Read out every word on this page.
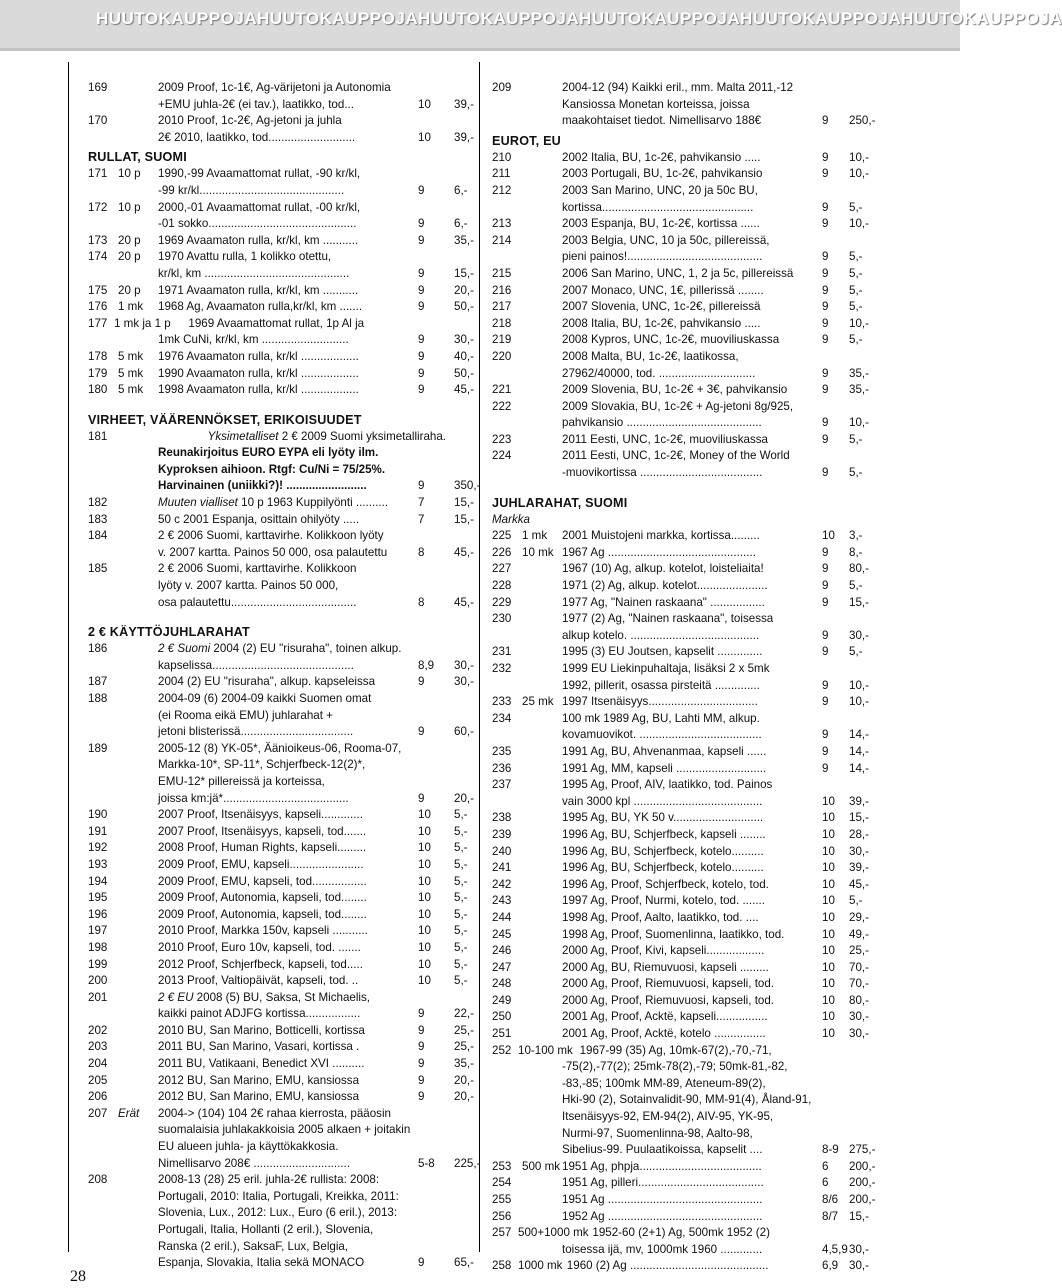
HUUTOKAUPPOJA HUUTOKAUPPOJA HUUTOKAUPPOJA HUUTOKAUPPOJA HUUTOKAUPPOJA HUUTOKAUPPOJA
169	2009 Proof, 1c-1€, Ag-värijetoni ja Autonomia
+EMU juhla-2€ (ei tav.), laatikko, tod...	10 39,-
170	2010 Proof, 1c-2€, Ag-jetoni ja juhla
2€ 2010, laatikko, tod...........................	10 39,-
RULLAT, SUOMI
171 10 p 1990,-99 Avaamattomat rullat, -90 kr/kl,
-99 kr/kl.............................................	9	6,-
172 10 p 2000,-01 Avaamattomat rullat, -00 kr/kl,
-01 sokko..............................................	9	6,-
173 20 p 1969 Avaamaton rulla, kr/kl, km ...........	9	35,-
174 20 p 1970 Avattu rulla, 1 kolikko otettu,
kr/kl, km .............................................	9	15,-
175 20 p 1971 Avaamaton rulla, kr/kl, km ...........	9	20,-
176 1 mk 1968 Ag, Avaamaton rulla,kr/kl, km .......	9	50,-
177 1 mk ja 1 p 1969 Avaamattomat rullat, 1p Al ja
1mk CuNi, kr/kl, km ...........................	9	30,-
178 5 mk 1976 Avaamaton rulla, kr/kl ..................	9	40,-
179 5 mk 1990 Avaamaton rulla, kr/kl ..................	9	50,-
180 5 mk 1998 Avaamaton rulla, kr/kl ..................	9	45,-
VIRHEET, VÄÄRENNÖKSET, ERIKOISUUDET
181	Yksimetalliset 2 € 2009 Suomi yksimetalliraha.
Reunakirjoitus EURO EYPA eli lyöty ilm.
Kyproksen aihioon. Rtgf: Cu/Ni = 75/25%.
Harvinainen (uniikki?)! .........................	9	350,-
182	Muuten vialliset 10 p 1963 Kuppilyönti ..........	7	15,-
183	50 c 2001 Espanja, osittain ohilyöty .....	7	15,-
184	2 € 2006 Suomi, karttavirhe. Kolikkoon lyöty
v. 2007 kartta. Painos 50 000, osa palautettu	8	45,-
185	2 € 2006 Suomi, karttavirhe. Kolikkoon
lyöty v. 2007 kartta. Painos 50 000,
osa palautettu.......................................	8	45,-
2 € KÄYTTÖJUHLARAHAT
186	2 € Suomi 2004 (2) EU "risuraha", toinen alkup.
kapselissa............................................	8,9 30,-
187	2004 (2) EU "risuraha", alkup. kapseleissa	9	30,-
188	2004-09 (6) 2004-09 kaikki Suomen omat
(ei Rooma eikä EMU) juhlarahat +
jetoni blisterissä...................................	9	60,-
189	2005-12 (8) YK-05*, Äänioikeus-06, Rooma-07,
Markka-10*, SP-11*, Schjerfbeck-12(2)*,
EMU-12* pillereissä ja korteissa,
joissa km:jä*.......................................	9	20,-
190	2007 Proof, Itsenäisyys, kapseli.............	10 5,-
191	2007 Proof, Itsenäisyys, kapseli, tod.......	10 5,-
192	2008 Proof, Human Rights, kapseli.........	10 5,-
193	2009 Proof, EMU, kapseli.......................	10 5,-
194	2009 Proof, EMU, kapseli, tod.................	10 5,-
195	2009 Proof, Autonomia, kapseli, tod........	10 5,-
196	2009 Proof, Autonomia, kapseli, tod........	10 5,-
197	2010 Proof, Markka 150v, kapseli ...........	10 5,-
198	2010 Proof, Euro 10v, kapseli, tod. .......	10 5,-
199	2012 Proof, Schjerfbeck, kapseli, tod.....	10 5,-
200	2013 Proof, Valtiopäivät, kapseli, tod. ..	10 5,-
201	2 € EU 2008 (5) BU, Saksa, St Michaelis,
kaikki painot ADJFG kortissa.................	9	22,-
202	2010 BU, San Marino, Botticelli, kortissa	9	25,-
203	2011 BU, San Marino, Vasari, kortissa .	9	25,-
204	2011 BU, Vatikaani, Benedict XVI ..........	9	35,-
205	2012 BU, San Marino, EMU, kansiossa	9	20,-
206	2012 BU, San Marino, EMU, kansiossa	9	20,-
207 Erät 2004-> (104) 104 2€ rahaa kierrosta, pääosin
suomalaisia juhlakakkoisia 2005 alkaen + joitakin
EU alueen juhla- ja käyttökakkosia.
Nimellisarvo 208€ ..............................	5-8 225,-
208	2008-13 (28) 25 eril. juhla-2€ rullista: 2008:
Portugali, 2010: Italia, Portugali, Kreikka, 2011:
Slovenia, Lux., 2012: Lux., Euro (6 eril.), 2013:
Portugali, Italia, Hollanti (2 eril.), Slovenia,
Ranska (2 eril.), SaksaF, Lux, Belgia,
Espanja, Slovakia, Italia sekä MONACO	9	65,-
209	2004-12 (94) Kaikki eril., mm. Malta 2011,-12
Kansiossa Monetan korteissa, joissa
maakohtaiset tiedot. Nimellisarvo 188€	9 250,-
EUROT, EU
210	2002 Italia, BU, 1c-2€, pahvikansio .....	9 10,-
211	2003 Portugali, BU, 1c-2€, pahvikansio	9 10,-
212	2003 San Marino, UNC, 20 ja 50c BU,
kortissa...............................................	9 5,-
213	2003 Espanja, BU, 1c-2€, kortissa ......	9 10,-
214	2003 Belgia, UNC, 10 ja 50c, pillereissä,
pieni painos!..........................................	9 5,-
215	2006 San Marino, UNC, 1, 2 ja 5c, pillereissä 9 5,-
216	2007 Monaco, UNC, 1€, pillerissä ........	9 5,-
217	2007 Slovenia, UNC, 1c-2€, pillereissä	9 5,-
218	2008 Italia, BU, 1c-2€, pahvikansio .....	9 10,-
219	2008 Kypros, UNC, 1c-2€, muoviliuskassa	9 5,-
220	2008 Malta, BU, 1c-2€, laatikossa,
27962/40000, tod. ..............................	9 35,-
221	2009 Slovenia, BU, 1c-2€ + 3€, pahvikansio	9 35,-
222	2009 Slovakia, BU, 1c-2€ + Ag-jetoni 8g/925,
pahvikansio ..........................................	9 10,-
223	2011 Eesti, UNC, 1c-2€, muoviliuskassa	9 5,-
224	2011 Eesti, UNC, 1c-2€, Money of the World
-muovikortissa ......................................	9 5,-
JUHLARAHAT, SUOMI
Markka
225 1 mk 2001 Muistojeni markka, kortissa.........	10 3,-
226 10 mk 1967 Ag ..............................................	9 8,-
227	1967 (10) Ag, alkup. kotelot, loisteliaita!	9 80,-
228	1971 (2) Ag, alkup. kotelot......................	9 5,-
229	1977 Ag, "Nainen raskaana" .................	9 15,-
230	1977 (2) Ag, "Nainen raskaana", toisessa
alkup kotelo. ........................................	9 30,-
231	1995 (3) EU Joutsen, kapselit ..............	9 5,-
232	1999 EU Liekinpuhaltaja, lisäksi 2 x 5mk
1992, pillerit, osassa pirsteitä ..............	9 10,-
233 25 mk 1997 Itsenäisyys..................................	9 10,-
234	100 mk 1989 Ag, BU, Lahti MM, alkup.
kovamuovikot. ......................................	9 14,-
235	1991 Ag, BU, Ahvenanmaa, kapseli ......	9 14,-
236	1991 Ag, MM, kapseli ............................	9 14,-
237	1995 Ag, Proof, AIV, laatikko, tod. Painos
vain 3000 kpl ........................................	10 39,-
238	1995 Ag, BU, YK 50 v............................	10 15,-
239	1996 Ag, BU, Schjerfbeck, kapseli ........	10 28,-
240	1996 Ag, BU, Schjerfbeck, kotelo..........	10 30,-
241	1996 Ag, BU, Schjerfbeck, kotelo..........	10 39,-
242	1996 Ag, Proof, Schjerfbeck, kotelo, tod.	10 45,-
243	1997 Ag, Proof, Nurmi, kotelo, tod. .......	10 5,-
244	1998 Ag, Proof, Aalto, laatikko, tod. ....	10 29,-
245	1998 Ag, Proof, Suomenlinna, laatikko, tod.	10 49,-
246	2000 Ag, Proof, Kivi, kapseli..................	10 25,-
247	2000 Ag, BU, Riemuvuosi, kapseli .........	10 70,-
248	2000 Ag, Proof, Riemuvuosi, kapseli, tod.	10 70,-
249	2000 Ag, Proof, Riemuvuosi, kapseli, tod.	10 80,-
250	2001 Ag, Proof, Acktë, kapseli................	10 30,-
251	2001 Ag, Proof, Acktë, kotelo ................	10 30,-
252 10-100 mk 1967-99 (35) Ag, 10mk-67(2),-70,-71,
-75(2),-77(2); 25mk-78(2),-79; 50mk-81,-82,
-83,-85; 100mk MM-89, Ateneum-89(2),
Hki-90 (2), Sotainvalidit-90, MM-91(4), Åland-91,
Itsenäisyys-92, EM-94(2), AIV-95, YK-95,
Nurmi-97, Suomenlinna-98, Aalto-98,
Sibelius-99. Puulaatikoissa, kapselit ....	8-9 275,-
253 500 mk 1951 Ag, phpja......................................	6 200,-
254	1951 Ag, pilleri.......................................	6 200,-
255	1951 Ag ................................................	8/6 200,-
256	1952 Ag ................................................	8/7 15,-
257 500+1000 mk 1952-60 (2+1) Ag, 500mk 1952 (2)
toisessa ijä, mv, 1000mk 1960 .............	4,5,9 30,-
258 1000 mk 1960 (2) Ag ...........................................	6,9 30,-
28
